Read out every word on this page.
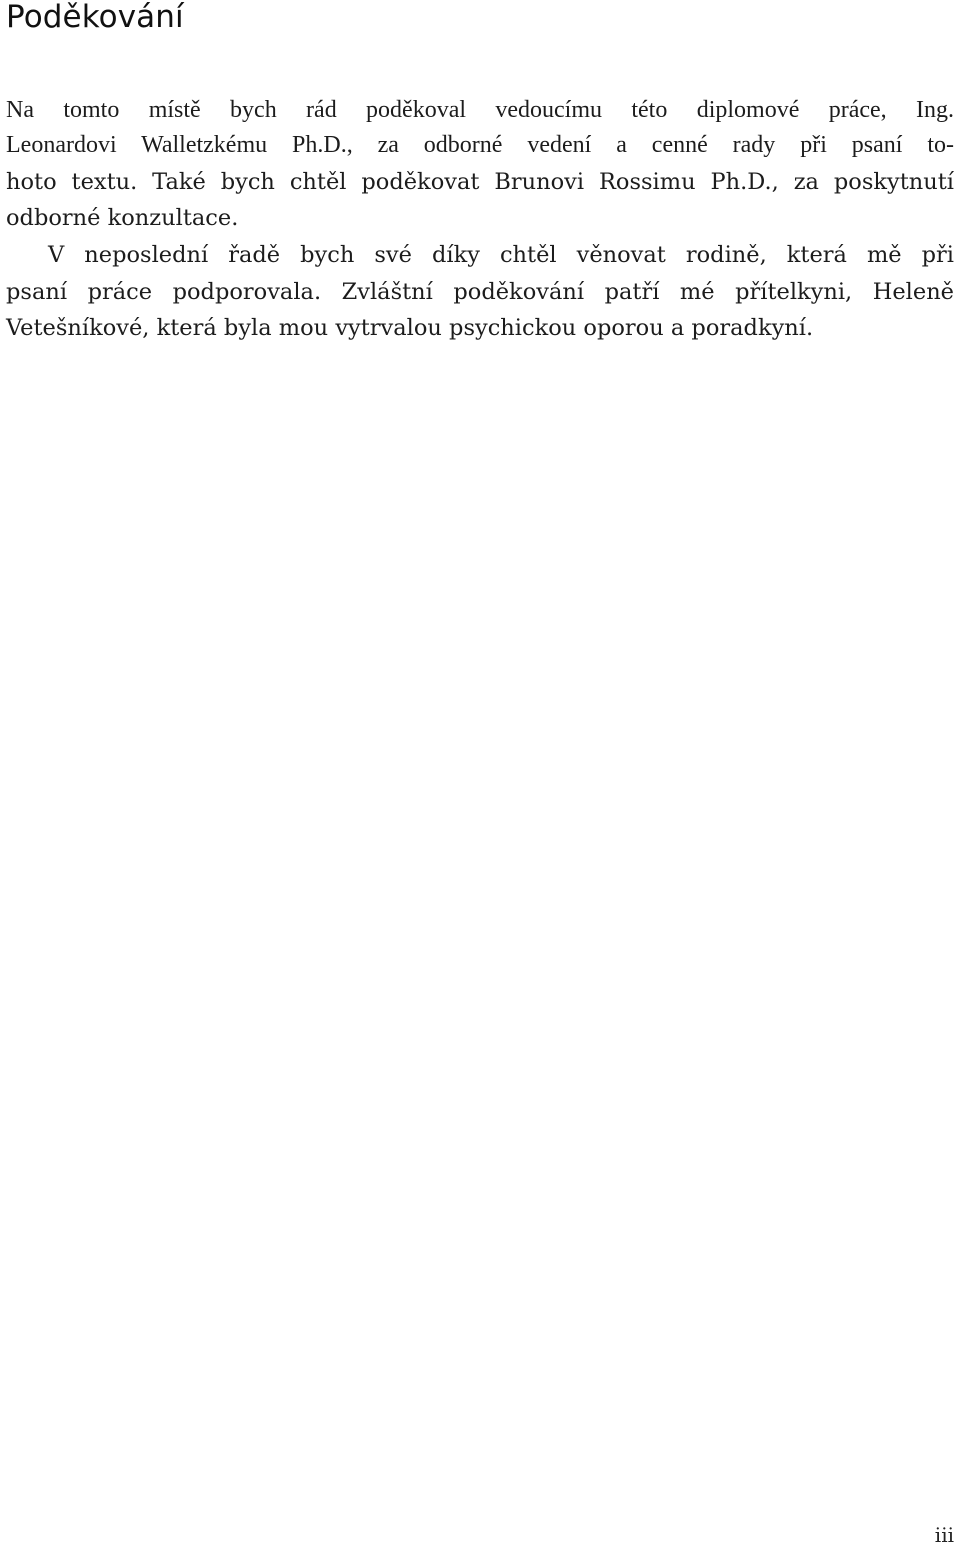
Poděkování

Na tomto místě bych rád poděkoval vedoucímu této diplomové práce, Ing.

Leonardovi Walletzkému Ph.D., za odborné vedení a cenné rady při psaní to-

hoto textu. Také bych chtěl poděkovat Brunovi Rossimu Ph.D., za poskytnutí

odborné konzultace.

V neposlední řadě bych své díky chtěl věnovat rodině, která mě při

psaní práce podporovala. Zvláštní poděkování patří mé přítelkyni, Heleně

Vetešníkové, která byla mou vytrvalou psychickou oporou a poradkyní.

iii
